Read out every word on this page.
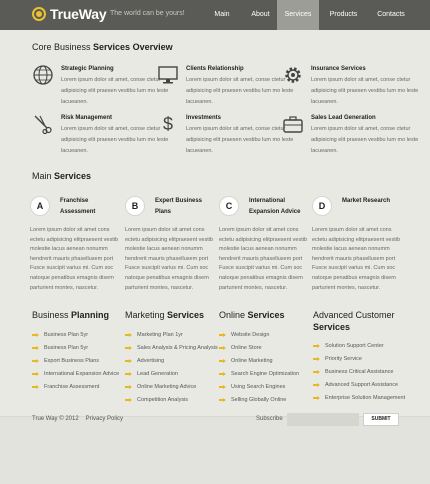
TrueWay The world can be yours!	Main	About	Services	Products	Contacts
Core Business Services Overview
Strategic Planning
Lorem ipsum dolor sit amet, conse ctetur adipisicing elit praesen vestibu lum mo leste lacueanen.
Clients Relationship
Lorem ipsum dolor sit amet, conse ctetur adipisicing elit praesen vestibu lum mo leste lacueanen.
Insurance Services
Lorem ipsum dolor sit amet, conse ctetur adipisicing elit praesen vestibu lum mo leste lacueanen.
Risk Management
Lorem ipsum dolor sit amet, conse ctetur adipisicing elit praesen vestibu lum mo leste lacueanen.
$ Investments
Lorem ipsum dolor sit amet, conse ctetur adipisicing elit praesen vestibu lum mo leste lacueanen.
Sales Lead Generation
Lorem ipsum dolor sit amet, conse ctetur adipisicing elit praesen vestibu lum mo leste lacueanen.
Main Services
A	Franchise Assessment
Lorem ipsum dolor sit amet cons ectetu adipisicing elitpraesent vestib molestie lacus aenean nonumm hendrerit mauris phasellusem port Fusce suscipit varius mi. Cum soc natoque penatibus emagnis disem parturient montes, nascetur.
B	Expert Business Plans
Lorem ipsum dolor sit amet cons ectetu adipisicing elitpraesent vestib molestie lacus aenean nonumm hendrerit mauris phasellusem port Fusce suscipit varius mi. Cum soc natoque penatibus emagnis disem parturient montes, nascetur.
C	International Expansion Advice
Lorem ipsum dolor sit amet cons ectetu adipisicing elitpraesent vestib molestie lacus aenean nonumm hendrerit mauris phasellusem port Fusce suscipit varius mi. Cum soc natoque penatibus emagnis disem parturient montes, nascetur.
D	Market Research
Lorem ipsum dolor sit amet cons ectetu adipisicing elitpraesent vestib molestie lacus aenean nonumm hendrerit mauris phasellusem port Fusce suscipit varius mi. Cum soc natoque penatibus emagnis disem parturient montes, nascetur.
Business Planning
Business Plan 5yr
Business Plan 5yr
Export Business Plans
International Expansion Advice
Franchise Assessment
Marketing Services
Marketing Plan 1yr
Sales Analysis & Pricing Analysis
Advertising
Lead Generation
Online Marketing Advice
Competition Analysis
Online Services
Website Design
Online Store
Online Marketing
Search Engine Optimization
Using Search Engines
Selling Globally Online
Advanced Customer
Services
Solution Support Center
Priority Service
Business Critical Assistance
Advanced Support Assistance
Enterprise Solution Management
True Way © 2012 Privacy Policy	Subscribe	SUBMIT
